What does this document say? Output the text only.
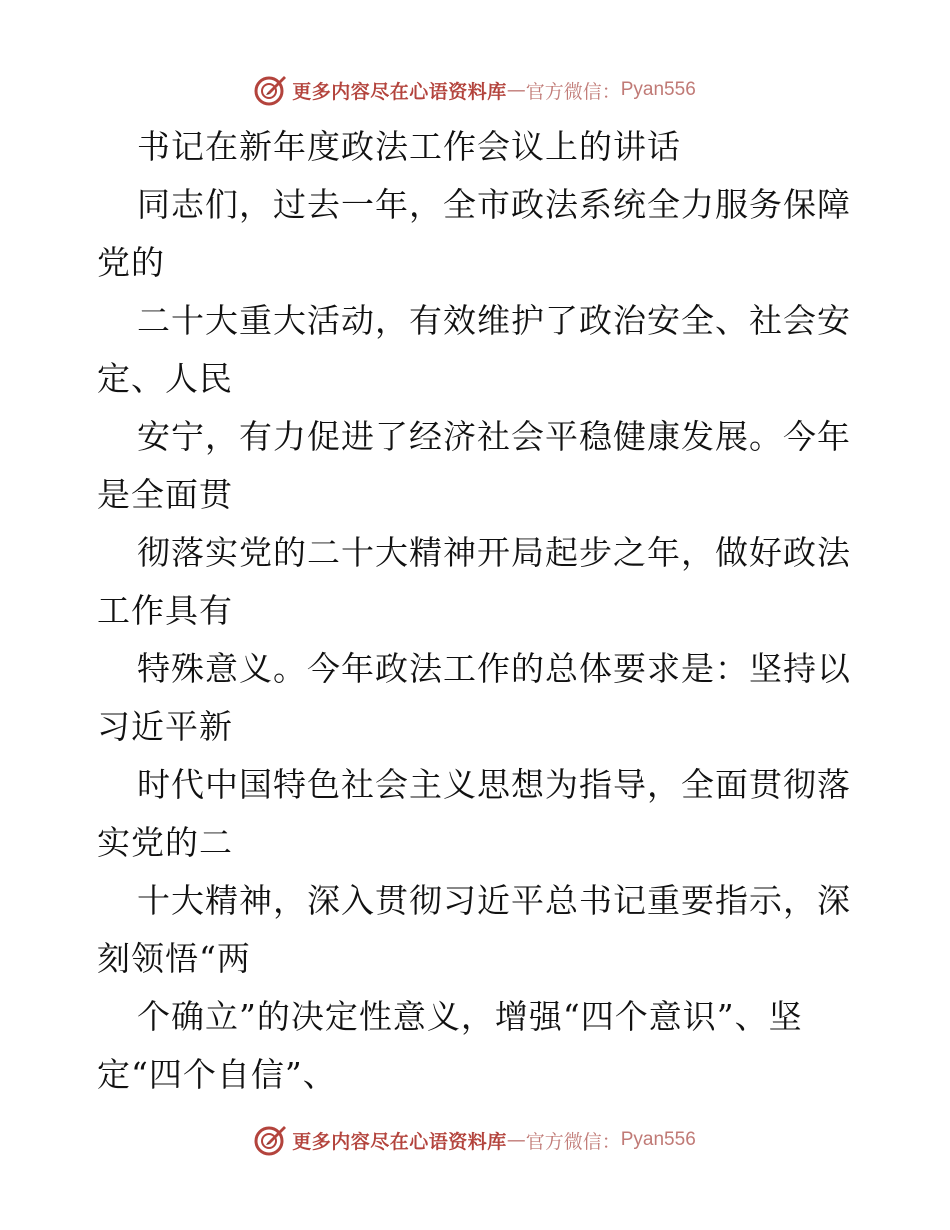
更多内容尽在心语资料库 — 官方微信： Pyan556
书记在新年度政法工作会议上的讲话
同志们，过去一年，全市政法系统全力服务保障
党的
二十大重大活动，有效维护了政治安全、社会安
定、人民
安宁，有力促进了经济社会平稳健康发展。今年
是全面贯
彻落实党的二十大精神开局起步之年，做好政法
工作具有
特殊意义。今年政法工作的总体要求是：坚持以
习近平新
时代中国特色社会主义思想为指导，全面贯彻落
实党的二
十大精神，深入贯彻习近平总书记重要指示，深
刻领悟“两
个确立”的决定性意义，增强“四个意识”、坚
定“四个自信”、
更多内容尽在心语资料库 — 官方微信： Pyan556
